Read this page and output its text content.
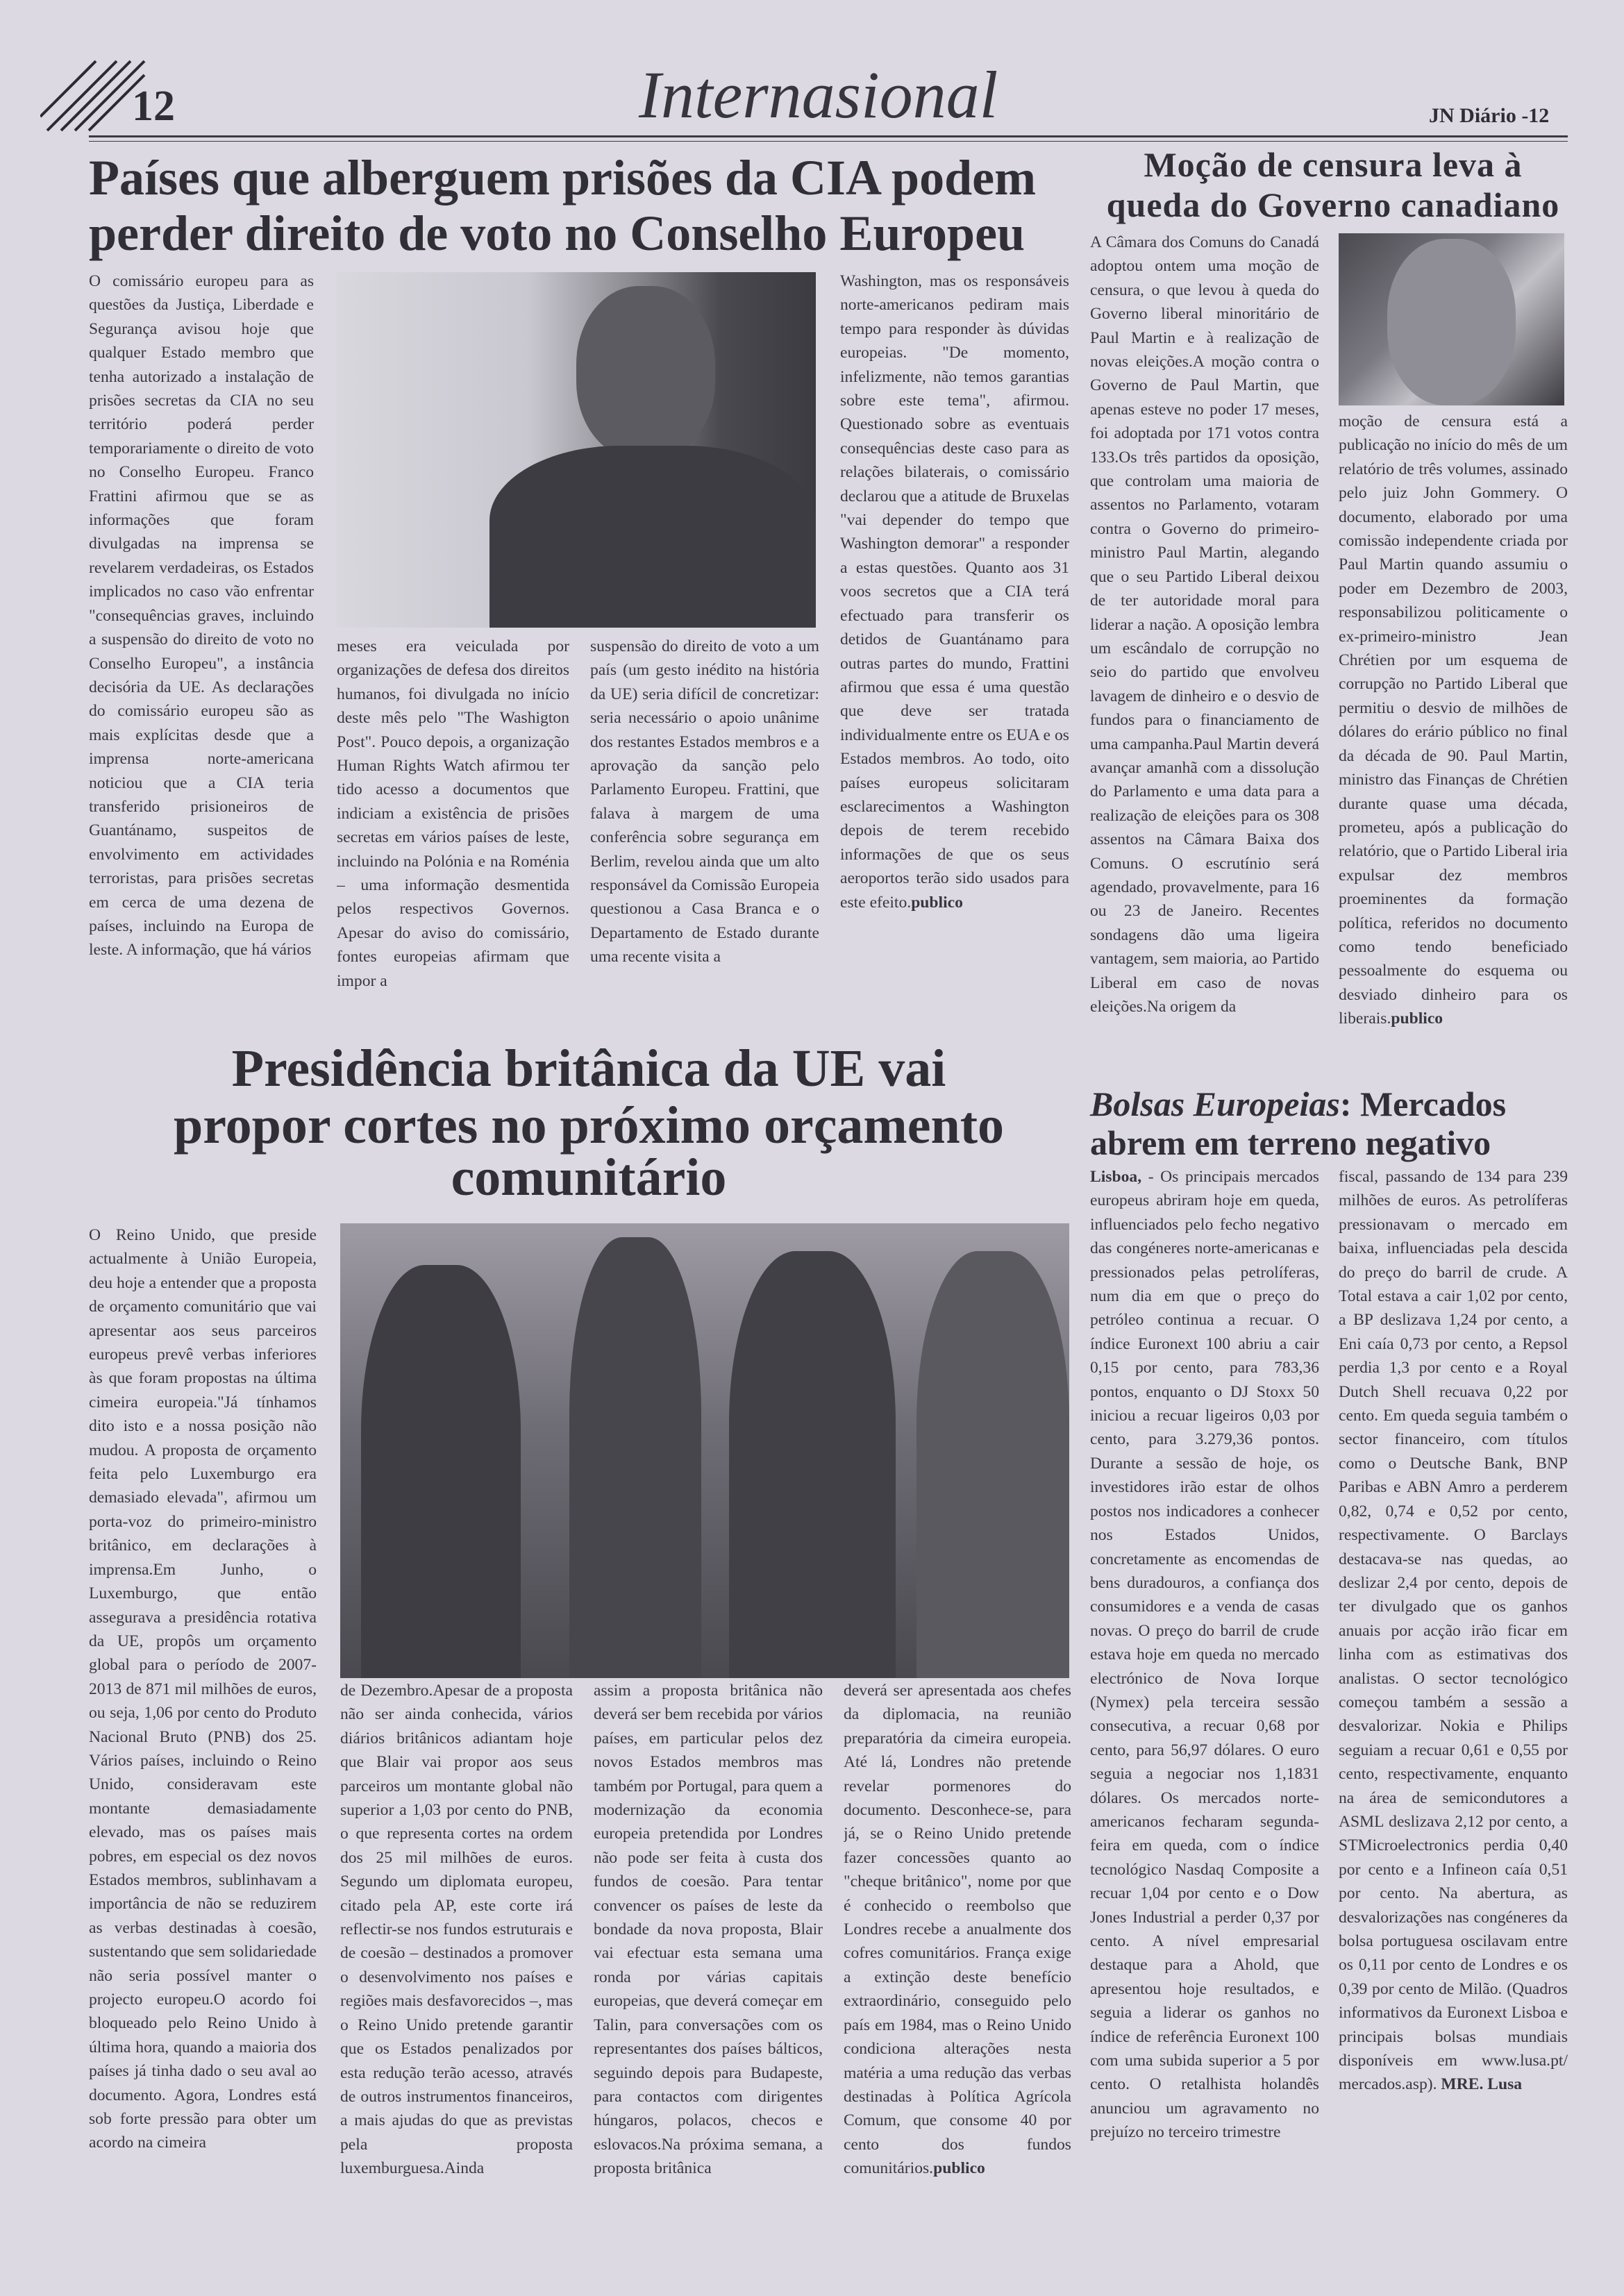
12	Internasional	JN Diário -12
Países que alberguem prisões da CIA podem
perder direito de voto no Conselho Europeu

O comissário europeu para as questões da Justiça, Liberdade e Segurança avisou hoje que qualquer Estado membro que tenha autorizado a instalação de prisões secretas da CIA no seu território poderá perder temporariamente o direito de voto no Conselho Europeu. Franco Frattini afirmou que se as informações que foram divulgadas na imprensa se revelarem verdadeiras, os Estados implicados no caso vão enfrentar "consequências graves, incluindo a suspensão do direito de voto no Conselho Europeu", a instância decisória da UE. As declarações do comissário europeu são as mais explícitas desde que a imprensa norte-americana noticiou que a CIA teria transferido prisioneiros de Guantánamo, suspeitos de envolvimento em actividades terroristas, para prisões secretas em cerca de uma dezena de países, incluindo na Europa de leste. A informação, que há vários

meses era veiculada por organizações de defesa dos direitos humanos, foi divulgada no início deste mês pelo "The Washigton Post". Pouco depois, a organização Human Rights Watch afirmou ter tido acesso a documentos que indiciam a existência de prisões secretas em vários países de leste, incluindo na Polónia e na Roménia – uma informação desmentida pelos respectivos Governos. Apesar do aviso do comissário, fontes europeias afirmam que impor a

suspensão do direito de voto a um país (um gesto inédito na história da UE) seria difícil de concretizar: seria necessário o apoio unânime dos restantes Estados membros e a aprovação da sanção pelo Parlamento Europeu. Frattini, que falava à margem de uma conferência sobre segurança em Berlim, revelou ainda que um alto responsável da Comissão Europeia questionou a Casa Branca e o Departamento de Estado durante uma recente visita a

Washington, mas os responsáveis norte-americanos pediram mais tempo para responder às dúvidas europeias. "De momento, infelizmente, não temos garantias sobre este tema", afirmou. Questionado sobre as eventuais consequências deste caso para as relações bilaterais, o comissário declarou que a atitude de Bruxelas "vai depender do tempo que Washington demorar" a responder a estas questões. Quanto aos 31 voos secretos que a CIA terá efectuado para transferir os detidos de Guantánamo para outras partes do mundo, Frattini afirmou que essa é uma questão que deve ser tratada individualmente entre os EUA e os Estados membros. Ao todo, oito países europeus solicitaram esclarecimentos a Washington depois de terem recebido informações de que os seus aeroportos terão sido usados para este efeito.publico

Presidência britânica da UE vai
propor cortes no próximo orçamento
comunitário

O Reino Unido, que preside actualmente à União Europeia, deu hoje a entender que a proposta de orçamento comunitário que vai apresentar aos seus parceiros europeus prevê verbas inferiores às que foram propostas na última cimeira europeia."Já tínhamos dito isto e a nossa posição não mudou. A proposta de orçamento feita pelo Luxemburgo era demasiado elevada", afirmou um porta-voz do primeiro-ministro britânico, em declarações à imprensa.Em Junho, o Luxemburgo, que então assegurava a presidência rotativa da UE, propôs um orçamento global para o período de 2007-2013 de 871 mil milhões de euros, ou seja, 1,06 por cento do Produto Nacional Bruto (PNB) dos 25. Vários países, incluindo o Reino Unido, consideravam este montante demasiadamente elevado, mas os países mais pobres, em especial os dez novos Estados membros, sublinhavam a importância de não se reduzirem as verbas destinadas à coesão, sustentando que sem solidariedade não seria possível manter o projecto europeu.O acordo foi bloqueado pelo Reino Unido à última hora, quando a maioria dos países já tinha dado o seu aval ao documento. Agora, Londres está sob forte pressão para obter um acordo na cimeira

de Dezembro.Apesar de a proposta não ser ainda conhecida, vários diários britânicos adiantam hoje que Blair vai propor aos seus parceiros um montante global não superior a 1,03 por cento do PNB, o que representa cortes na ordem dos 25 mil milhões de euros. Segundo um diplomata europeu, citado pela AP, este corte irá reflectir-se nos fundos estruturais e de coesão – destinados a promover o desenvolvimento nos países e regiões mais desfavorecidos –, mas o Reino Unido pretende garantir que os Estados penalizados por esta redução terão acesso, através de outros instrumentos financeiros, a mais ajudas do que as previstas pela proposta luxemburguesa.Ainda

assim a proposta britânica não deverá ser bem recebida por vários países, em particular pelos dez novos Estados membros mas também por Portugal, para quem a modernização da economia europeia pretendida por Londres não pode ser feita à custa dos fundos de coesão. Para tentar convencer os países de leste da bondade da nova proposta, Blair vai efectuar esta semana uma ronda por várias capitais europeias, que deverá começar em Talin, para conversações com os representantes dos países bálticos, seguindo depois para Budapeste, para contactos com dirigentes húngaros, polacos, checos e eslovacos.Na próxima semana, a proposta britânica

deverá ser apresentada aos chefes da diplomacia, na reunião preparatória da cimeira europeia. Até lá, Londres não pretende revelar pormenores do documento. Desconhece-se, para já, se o Reino Unido pretende fazer concessões quanto ao "cheque britânico", nome por que é conhecido o reembolso que Londres recebe a anualmente dos cofres comunitários. França exige a extinção deste benefício extraordinário, conseguido pelo país em 1984, mas o Reino Unido condiciona alterações nesta matéria a uma redução das verbas destinadas à Política Agrícola Comum, que consome 40 por cento dos fundos comunitários.publico

Moção de censura leva à
queda do Governo canadiano

A Câmara dos Comuns do Canadá adoptou ontem uma moção de censura, o que levou à queda do Governo liberal minoritário de Paul Martin e à realização de novas eleições.A moção contra o Governo de Paul Martin, que apenas esteve no poder 17 meses, foi adoptada por 171 votos contra 133.Os três partidos da oposição, que controlam uma maioria de assentos no Parlamento, votaram contra o Governo do primeiro-ministro Paul Martin, alegando que o seu Partido Liberal deixou de ter autoridade moral para liderar a nação. A oposição lembra um escândalo de corrupção no seio do partido que envolveu lavagem de dinheiro e o desvio de fundos para o financiamento de uma campanha.Paul Martin deverá avançar amanhã com a dissolução do Parlamento e uma data para a realização de eleições para os 308 assentos na Câmara Baixa dos Comuns. O escrutínio será agendado, provavelmente, para 16 ou 23 de Janeiro. Recentes sondagens dão uma ligeira vantagem, sem maioria, ao Partido Liberal em caso de novas eleições.Na origem da

moção de censura está a publicação no início do mês de um relatório de três volumes, assinado pelo juiz John Gommery. O documento, elaborado por uma comissão independente criada por Paul Martin quando assumiu o poder em Dezembro de 2003, responsabilizou politicamente o ex-primeiro-ministro Jean Chrétien por um esquema de corrupção no Partido Liberal que permitiu o desvio de milhões de dólares do erário público no final da década de 90. Paul Martin, ministro das Finanças de Chrétien durante quase uma década, prometeu, após a publicação do relatório, que o Partido Liberal iria expulsar dez membros proeminentes da formação política, referidos no documento como tendo beneficiado pessoalmente do esquema ou desviado dinheiro para os liberais.publico

Bolsas Europeias: Mercados
abrem em terreno negativo

Lisboa, - Os principais mercados europeus abriram hoje em queda, influenciados pelo fecho negativo das congéneres norte-americanas e pressionados pelas petrolíferas, num dia em que o preço do petróleo continua a recuar. O índice Euronext 100 abriu a cair 0,15 por cento, para 783,36 pontos, enquanto o DJ Stoxx 50 iniciou a recuar ligeiros 0,03 por cento, para 3.279,36 pontos. Durante a sessão de hoje, os investidores irão estar de olhos postos nos indicadores a conhecer nos Estados Unidos, concretamente as encomendas de bens duradouros, a confiança dos consumidores e a venda de casas novas. O preço do barril de crude estava hoje em queda no mercado electrónico de Nova Iorque (Nymex) pela terceira sessão consecutiva, a recuar 0,68 por cento, para 56,97 dólares. O euro seguia a negociar nos 1,1831 dólares. Os mercados norte-americanos fecharam segunda-feira em queda, com o índice tecnológico Nasdaq Composite a recuar 1,04 por cento e o Dow Jones Industrial a perder 0,37 por cento. A nível empresarial destaque para a Ahold, que apresentou hoje resultados, e seguia a liderar os ganhos no índice de referência Euronext 100 com uma subida superior a 5 por cento. O retalhista holandês anunciou um agravamento no prejuízo no terceiro trimestre

fiscal, passando de 134 para 239 milhões de euros. As petrolíferas pressionavam o mercado em baixa, influenciadas pela descida do preço do barril de crude. A Total estava a cair 1,02 por cento, a BP deslizava 1,24 por cento, a Eni caía 0,73 por cento, a Repsol perdia 1,3 por cento e a Royal Dutch Shell recuava 0,22 por cento. Em queda seguia também o sector financeiro, com títulos como o Deutsche Bank, BNP Paribas e ABN Amro a perderem 0,82, 0,74 e 0,52 por cento, respectivamente. O Barclays destacava-se nas quedas, ao deslizar 2,4 por cento, depois de ter divulgado que os ganhos anuais por acção irão ficar em linha com as estimativas dos analistas. O sector tecnológico começou também a sessão a desvalorizar. Nokia e Philips seguiam a recuar 0,61 e 0,55 por cento, respectivamente, enquanto na área de semicondutores a ASML deslizava 2,12 por cento, a STMicroelectronics perdia 0,40 por cento e a Infineon caía 0,51 por cento. Na abertura, as desvalorizações nas congéneres da bolsa portuguesa oscilavam entre os 0,11 por cento de Londres e os 0,39 por cento de Milão. (Quadros informativos da Euronext Lisboa e principais bolsas mundiais disponíveis em www.lusa.pt/ mercados.asp). MRE. Lusa
